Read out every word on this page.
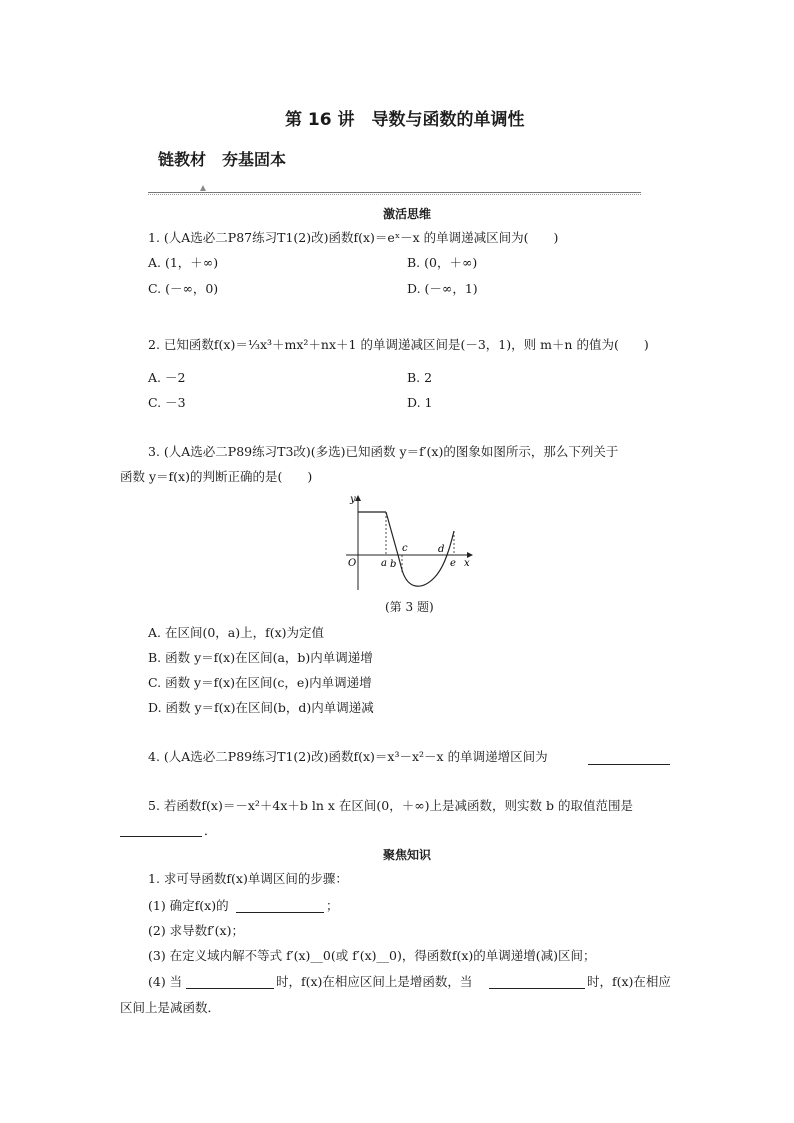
第 16 讲　导数与函数的单调性
链教材　夯基固本
激活思维
1. (人A选必二P87练习T1(2)改)函数f(x)＝eˣ－x 的单调递减区间为(　　)
A. (1，＋∞)	B. (0，＋∞)
C. (－∞，0)	D. (－∞，1)
2. 已知函数f(x)＝⅓x³＋mx²＋nx＋1 的单调递减区间是(－3，1)，则 m＋n 的值为(　　)
A. －2	B. 2
C. －3	D. 1
3. (人A选必二P89练习T3改)(多选)已知函数 y＝f′(x)的图象如图所示，那么下列关于
函数 y＝f(x)的判断正确的是(　　)
y
x
O a b
c	d
e
(第 3 题)
A. 在区间(0，a)上，f(x)为定值
B. 函数 y＝f(x)在区间(a，b)内单调递增
C. 函数 y＝f(x)在区间(c，e)内单调递增
D. 函数 y＝f(x)在区间(b，d)内单调递减
4. (人A选必二P89练习T1(2)改)函数f(x)＝x³－x²－x 的单调递增区间为
5. 若函数f(x)＝－x²＋4x＋b ln x 在区间(0，＋∞)上是减函数，则实数 b 的取值范围是
．
聚焦知识
1. 求可导函数f(x)单调区间的步骤：
(1) 确定f(x)的	；
(2) 求导数f′(x)；
(3) 在定义域内解不等式 f′(x)__0(或 f′(x)__0)，得函数f(x)的单调递增(减)区间；
(4) 当	时，f(x)在相应区间上是增函数，当	时，f(x)在相应
区间上是减函数．
